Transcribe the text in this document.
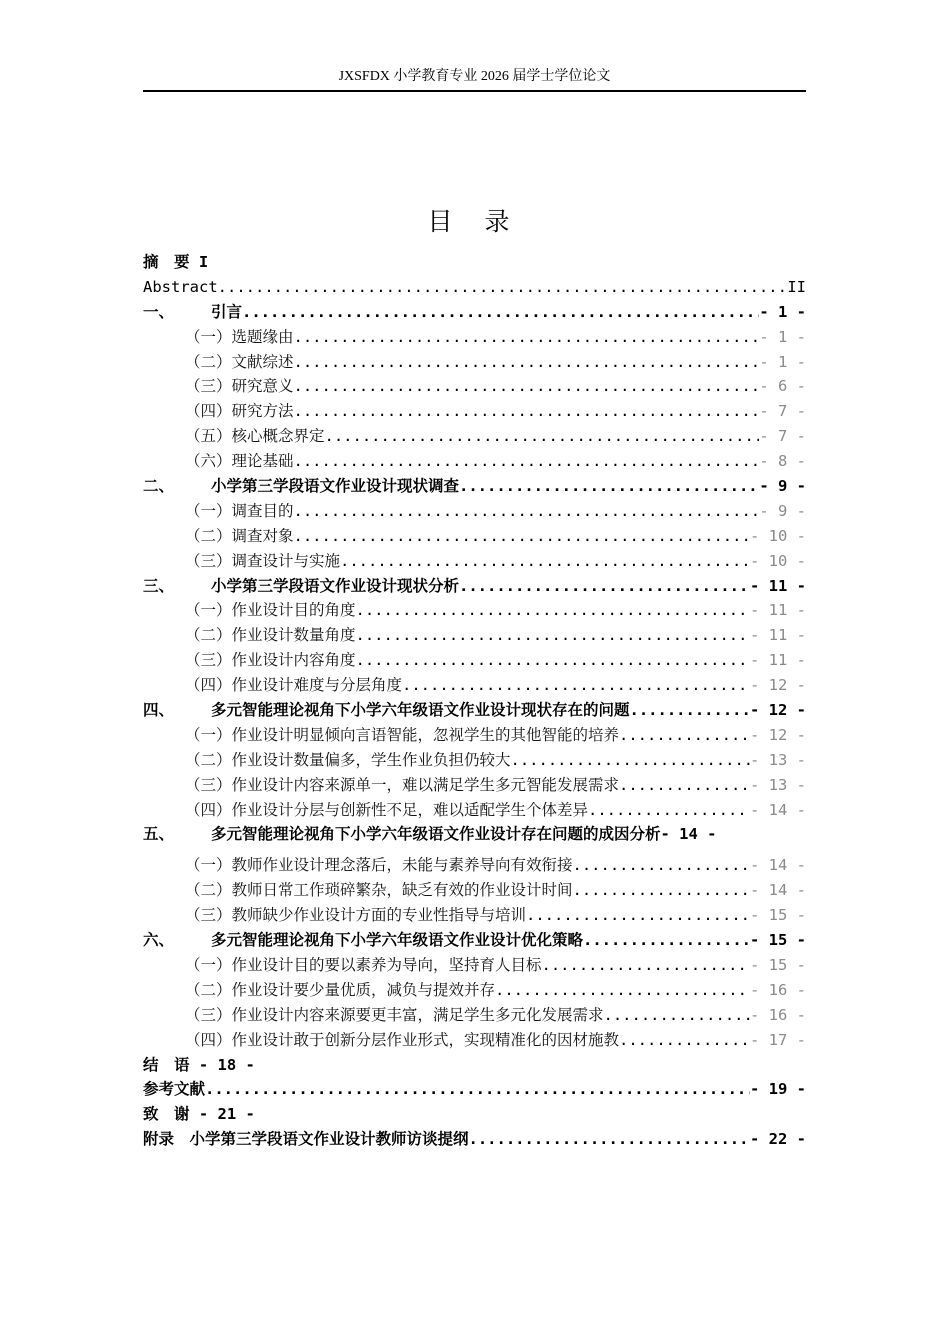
JXSFDX 小学教育专业 2026 届学士学位论文
目 录
摘　要 I
Abstract .....	II
一、	引言 .....	- 1 -
（一）选题缘由 .....	- 1 -
（二）文献综述 .....	- 1 -
（三）研究意义 .....	- 6 -
（四）研究方法 .....	- 7 -
（五）核心概念界定 .....	- 7 -
（六）理论基础 .....	- 8 -
二、	小学第三学段语文作业设计现状调查 .....	- 9 -
（一）调查目的 .....	- 9 -
（二）调查对象 .....	- 10 -
（三）调查设计与实施 .....	- 10 -
三、	小学第三学段语文作业设计现状分析 .....	- 11 -
（一）作业设计目的角度 .....	- 11 -
（二）作业设计数量角度 .....	- 11 -
（三）作业设计内容角度 .....	- 11 -
（四）作业设计难度与分层角度 .....	- 12 -
四、	多元智能理论视角下小学六年级语文作业设计现状存在的问题 .....	- 12 -
（一）作业设计明显倾向言语智能，忽视学生的其他智能的培养 .....	- 12 -
（二）作业设计数量偏多，学生作业负担仍较大 .....	- 13 -
（三）作业设计内容来源单一，难以满足学生多元智能发展需求 .....	- 13 -
（四）作业设计分层与创新性不足，难以适配学生个体差异 .....	- 14 -
五、 多元智能理论视角下小学六年级语文作业设计存在问题的成因分析- 14 -
（一）教师作业设计理念落后，未能与素养导向有效衔接 .....	- 14 -
（二）教师日常工作琐碎繁杂，缺乏有效的作业设计时间 .....	- 14 -
（三）教师缺少作业设计方面的专业性指导与培训 .....	- 15 -
六、	多元智能理论视角下小学六年级语文作业设计优化策略 .....	- 15 -
（一）作业设计目的要以素养为导向，坚持育人目标 .....	- 15 -
（二）作业设计要少量优质，减负与提效并存 .....	- 16 -
（三）作业设计内容来源要更丰富，满足学生多元化发展需求 .....	- 16 -
（四）作业设计敢于创新分层作业形式，实现精准化的因材施教 .....	- 17 -
结　语 - 18 -
参考文献 .....	- 19 -
致　谢 - 21 -
附录　小学第三学段语文作业设计教师访谈提纲 .....	- 22 -
